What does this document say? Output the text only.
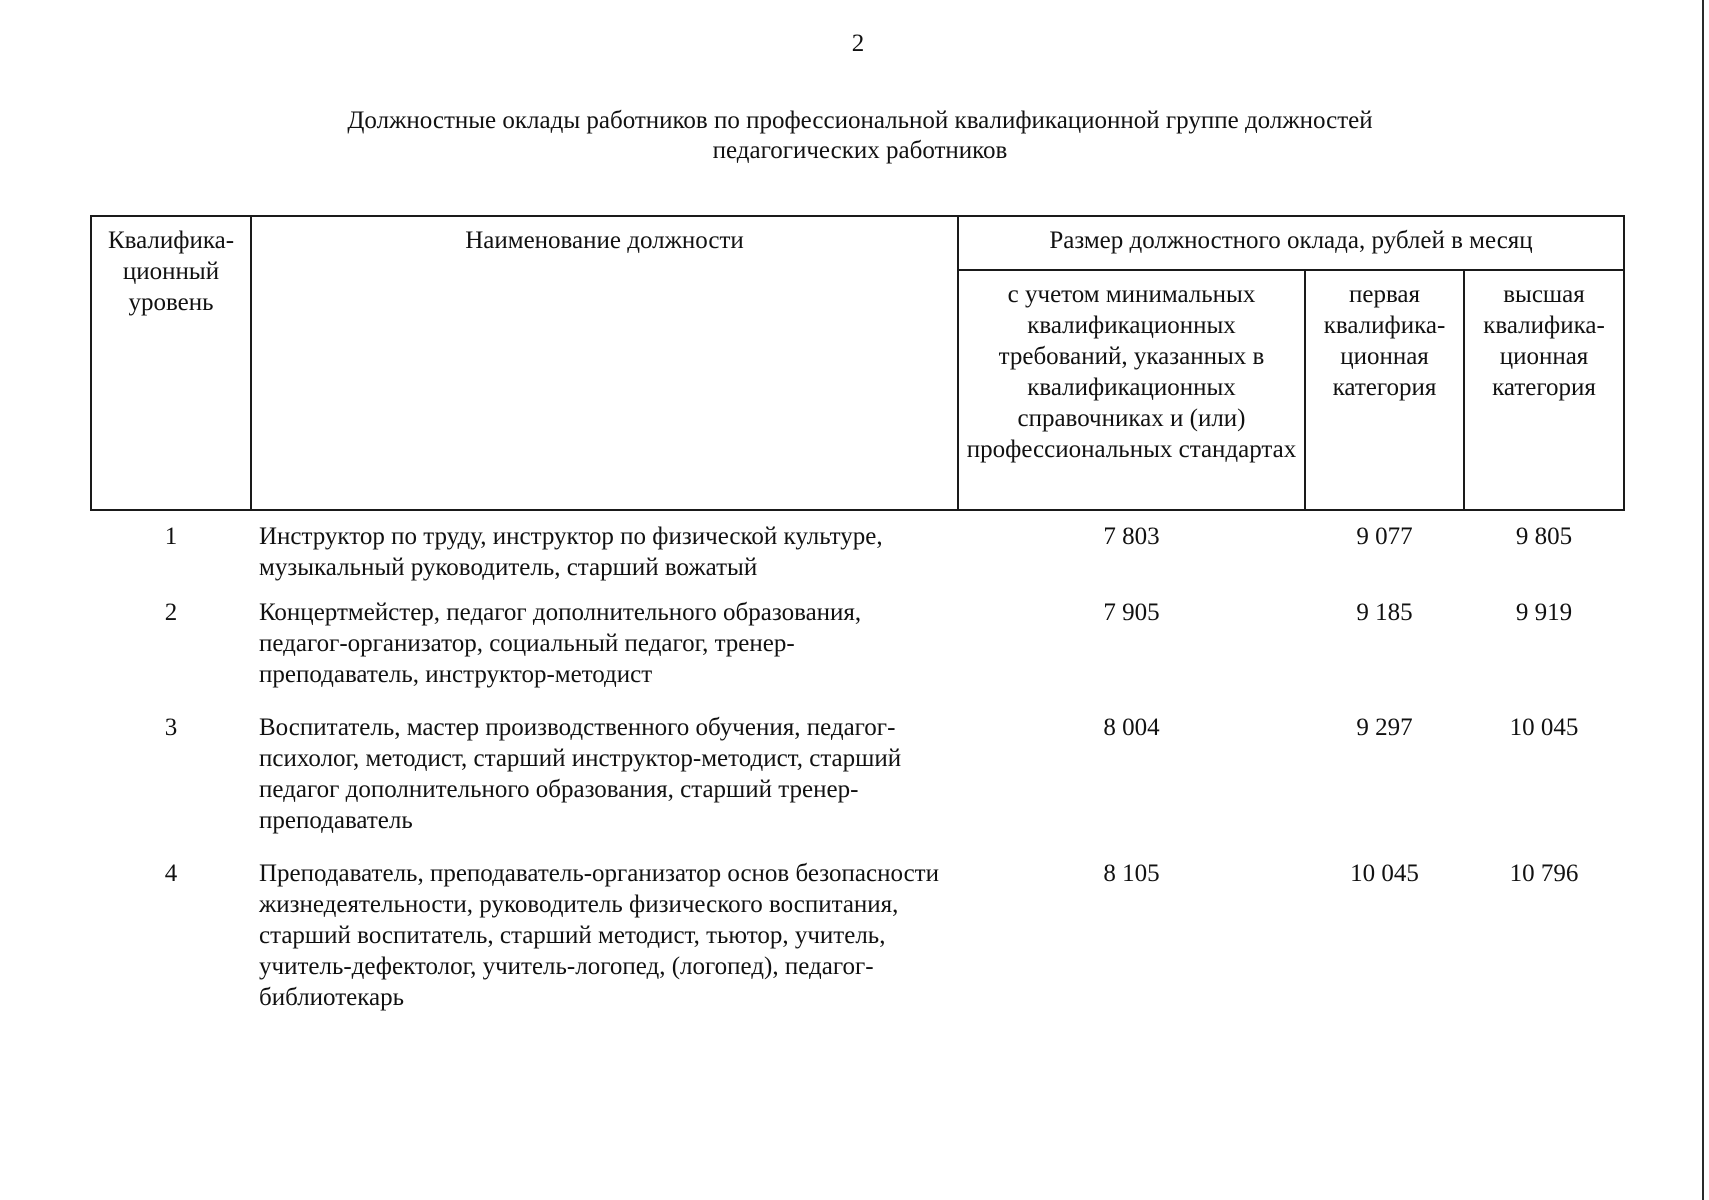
2
Должностные оклады работников по профессиональной квалификационной группе должностей
педагогических работников
Квалифика-ционный уровень	Наименование должности	Размер должностного оклада, рублей в месяц		
		с учетом минимальных квалификационных требований, указанных в квалификационных справочниках и (или) профессиональных стандартах	первая квалифика-ционная категория	высшая квалифика-ционная категория
1	Инструктор по труду, инструктор по физической культуре, музыкальный руководитель, старший вожатый	7 803	9 077	9 805
2	Концертмейстер, педагог дополнительного образования, педагог-организатор, социальный педагог, тренер-преподаватель, инструктор-методист	7 905	9 185	9 919
3	Воспитатель, мастер производственного обучения, педагог-психолог, методист, старший инструктор-методист, старший педагог дополнительного образования, старший тренер-преподаватель	8 004	9 297	10 045
4	Преподаватель, преподаватель-организатор основ безопасности жизнедеятельности, руководитель физического воспитания, старший воспитатель, старший методист, тьютор, учитель, учитель-дефектолог, учитель-логопед, (логопед), педагог-библиотекарь	8 105	10 045	10 796
